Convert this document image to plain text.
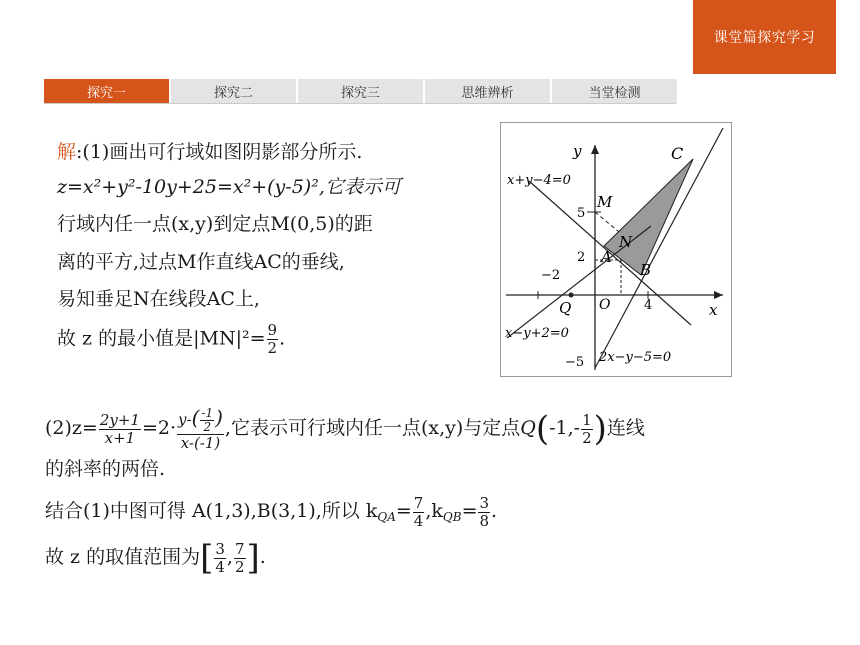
课堂篇探究学习
探究一	探究二	探究三	思维辨析	当堂检测
解:(1)画出可行域如图阴影部分所示.
z=x²+y²-10y+25=x²+(y-5)²,它表示可
行域内任一点(x,y)到定点M(0,5)的距
离的平方,过点M作直线AC的垂线,
易知垂足N在线段AC上,
故 z 的最小值是$|MN|^2= \frac{9}{2}$ .
y
x
O
C
M
N
A
B
Q
5
2
4
−2
−5
x+y−4=0
x−y+2=0
2x−y−5=0
$(2)z= \frac{2y+1}{x+1} =2\cdot \frac{y-( \frac{-1}{2} )}{x-(-1)}$ ,它表示可行域内任一点(x,y)与定点$Q(-1,- \frac{1}{2}$ )连线
的斜率的两倍.
结合(1)中图可得 A(1,3),B(3,1),所以 $k_{QA}= \frac{7}{4} ,k_{QB}= \frac{3}{8}$ .
故 z 的取值范围为[ $\frac{3}{4}$ , $\frac{7}{2}$ ].
